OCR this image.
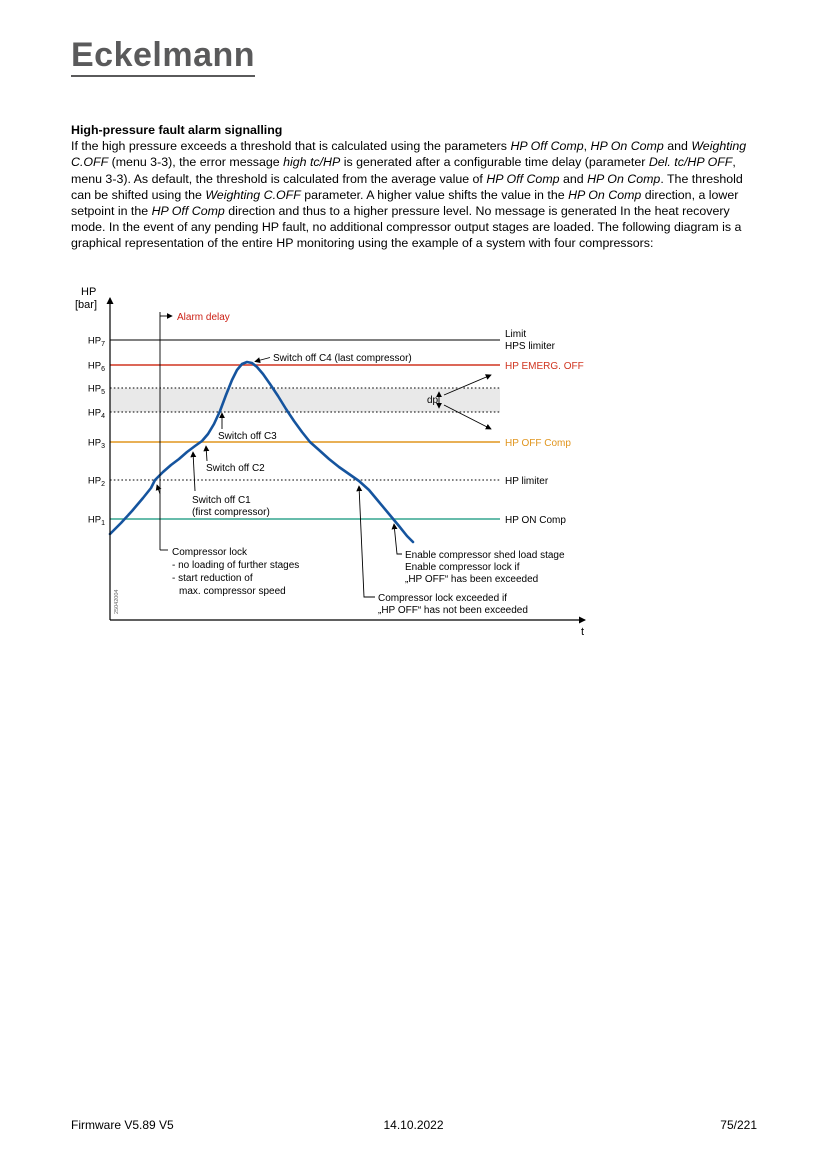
Eckelmann
High-pressure fault alarm signalling

If the high pressure exceeds a threshold that is calculated using the parameters HP Off Comp, HP On Comp and Weighting C.OFF (menu 3-3), the error message high tc/HP is generated after a configurable time delay (parameter Del. tc/HP OFF, menu 3-3). As default, the threshold is calculated from the average value of HP Off Comp and HP On Comp. The threshold can be shifted using the Weighting C.OFF parameter. A higher value shifts the value in the HP On Comp direction, a lower setpoint in the HP Off Comp direction and thus to a higher pressure level. No message is generated In the heat recovery mode. In the event of any pending HP fault, no additional compressor output stages are loaded. The following diagram is a graphical representation of the entire HP monitoring using the example of a system with four compressors:

HP
[bar]
t
$HP_7$
$HP_6$
$HP_5$
$HP_4$
$HP_3$
$HP_2$
$HP_1$
Limit
HPS limiter
HP EMERG. OFF
HP OFF Comp
HP limiter
HP ON Comp
Alarm delay
Switch off C4 (last compressor)
Switch off C3
Switch off C2
Switch off C1
(first compressor)
Compressor lock
- no loading of further stages
- start reduction of
max. compressor speed
Enable compressor shed load stage
Enable compressor lock if
„HP OFF“ has been exceeded
Compressor lock exceeded if
„HP OFF“ has not been exceeded
dp
25042004
Firmware V5.89 V5	14.10.2022	75/221
